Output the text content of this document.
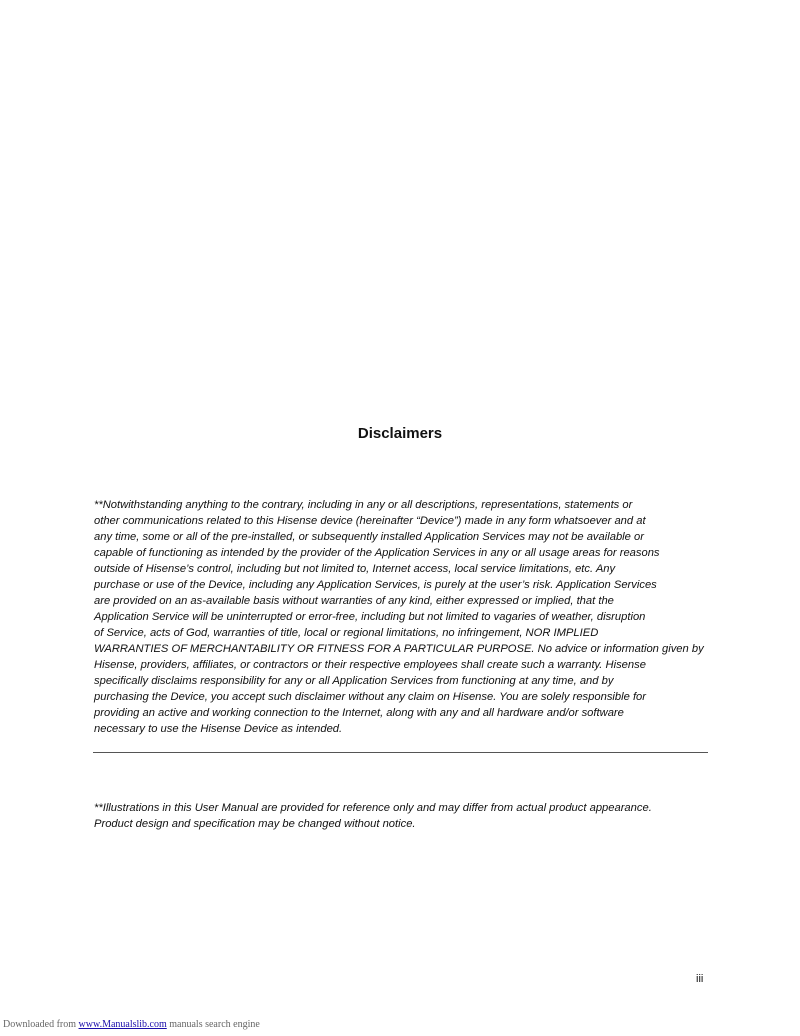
Disclaimers
**Notwithstanding anything to the contrary, including in any or all descriptions, representations, statements or
other communications related to this Hisense device (hereinafter “Device”) made in any form whatsoever and at
any time, some or all of the pre-installed, or subsequently installed Application Services may not be available or
capable of functioning as intended by the provider of the Application Services in any or all usage areas for reasons
outside of Hisense’s control, including but not limited to, Internet access, local service limitations, etc. Any
purchase or use of the Device, including any Application Services, is purely at the user’s risk. Application Services
are provided on an as-available basis without warranties of any kind, either expressed or implied, that the
Application Service will be uninterrupted or error-free, including but not limited to vagaries of weather, disruption
of Service, acts of God, warranties of title, local or regional limitations, no infringement, NOR IMPLIED
WARRANTIES OF MERCHANTABILITY OR FITNESS FOR A PARTICULAR PURPOSE. No advice or information given by
Hisense, providers, affiliates, or contractors or their respective employees shall create such a warranty. Hisense
specifically disclaims responsibility for any or all Application Services from functioning at any time, and by
purchasing the Device, you accept such disclaimer without any claim on Hisense. You are solely responsible for
providing an active and working connection to the Internet, along with any and all hardware and/or software
necessary to use the Hisense Device as intended.
**Illustrations in this User Manual are provided for reference only and may differ from actual product appearance.
Product design and specification may be changed without notice.
iii
Downloaded from www.Manualslib.com manuals search engine
